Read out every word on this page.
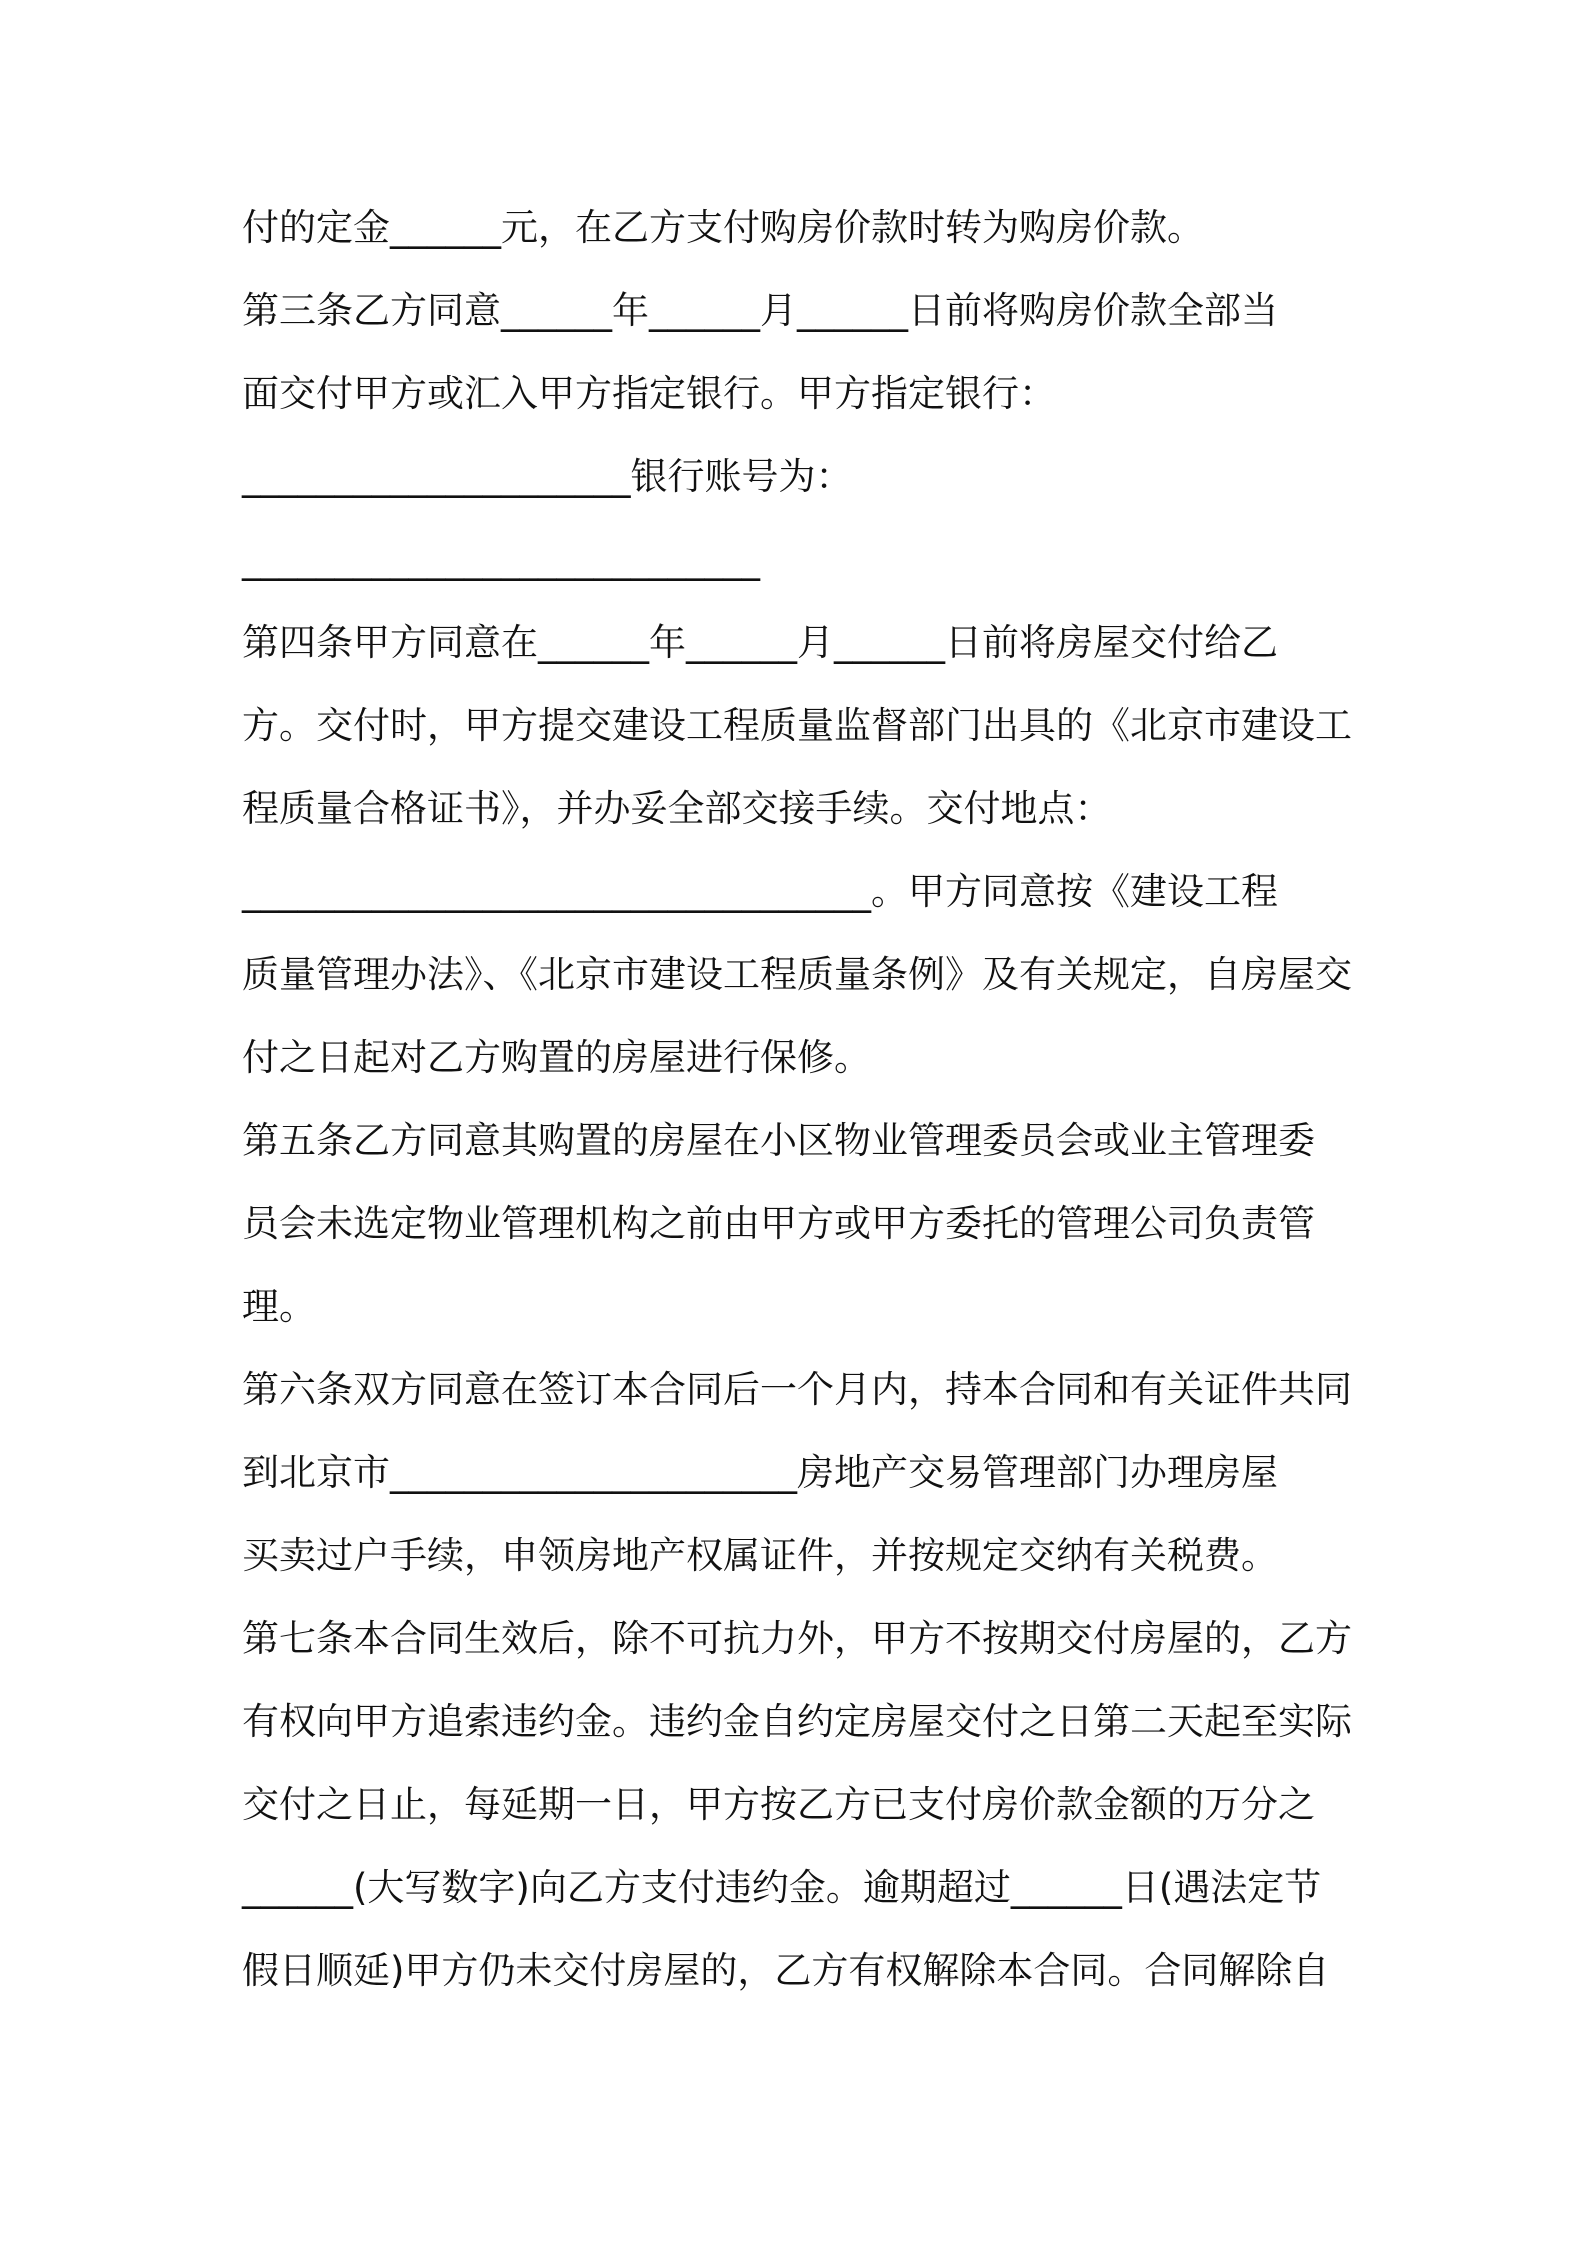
付的定金______元，在乙方支付购房价款时转为购房价款。
第三条乙方同意______年______月______日前将购房价款全部当
面交付甲方或汇入甲方指定银行。甲方指定银行：
_____________________银行账号为：
____________________________
第四条甲方同意在______年______月______日前将房屋交付给乙
方。交付时，甲方提交建设工程质量监督部门出具的《北京市建设工
程质量合格证书》，并办妥全部交接手续。交付地点：
__________________________________。甲方同意按《建设工程
质量管理办法》、《北京市建设工程质量条例》及有关规定，自房屋交
付之日起对乙方购置的房屋进行保修。
第五条乙方同意其购置的房屋在小区物业管理委员会或业主管理委
员会未选定物业管理机构之前由甲方或甲方委托的管理公司负责管
理。
第六条双方同意在签订本合同后一个月内，持本合同和有关证件共同
到北京市______________________房地产交易管理部门办理房屋
买卖过户手续，申领房地产权属证件，并按规定交纳有关税费。
第七条本合同生效后，除不可抗力外，甲方不按期交付房屋的，乙方
有权向甲方追索违约金。违约金自约定房屋交付之日第二天起至实际
交付之日止，每延期一日，甲方按乙方已支付房价款金额的万分之
______(大写数字)向乙方支付违约金。逾期超过______日(遇法定节
假日顺延)甲方仍未交付房屋的，乙方有权解除本合同。合同解除自
